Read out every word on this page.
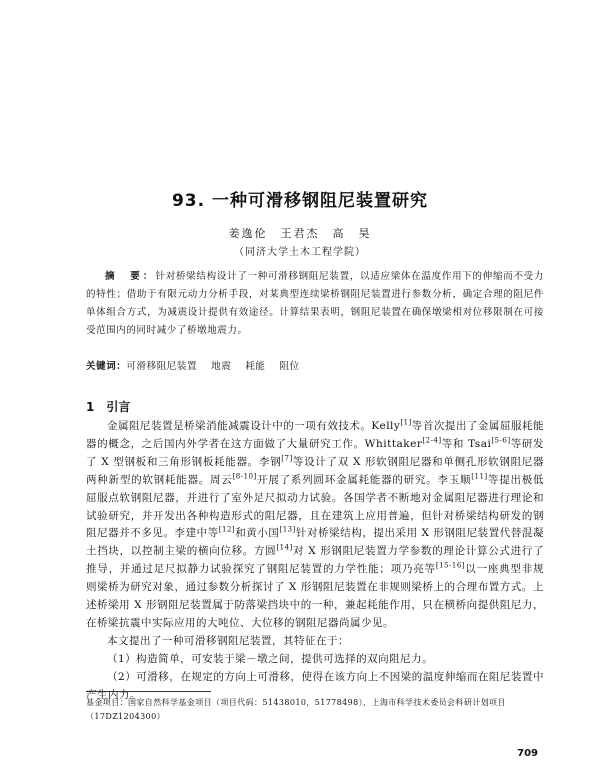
93. 一种可滑移钢阻尼装置研究
姜逸伦　王君杰　高　昊
（同济大学土木工程学院）

摘　要：针对桥梁结构设计了一种可滑移钢阻尼装置，以适应梁体在温度作用下的伸缩而不受力的特性；借助于有限元动力分析手段，对某典型连续梁桥钢阻尼装置进行参数分析，确定合理的阻尼件单体组合方式，为减震设计提供有效途径。计算结果表明，钢阻尼装置在确保墩梁相对位移限制在可接受范围内的同时减少了桥墩地震力。

关键词：可滑移阻尼装置 地震 耗能 阻位

1 引言

金属阻尼装置是桥梁消能减震设计中的一项有效技术。Kelly[1]等首次提出了金属屈服耗能器的概念，之后国内外学者在这方面做了大量研究工作。Whittaker[2-4]等和 Tsai[5-6]等研发了 X 型钢板和三角形钢板耗能器。李钢[7]等设计了双 X 形软钢阻尼器和单侧孔形软钢阻尼器两种新型的软钢耗能器。周云[8-10]开展了系列圆环金属耗能器的研究。李玉顺[11]等提出极低屈服点软钢阻尼器，并进行了室外足尺拟动力试验。各国学者不断地对金属阻尼器进行理论和试验研究，并开发出各种构造形式的阻尼器，且在建筑上应用普遍，但针对桥梁结构研发的钢阻尼器并不多见。李建中等[12]和黄小国[13]针对桥梁结构，提出采用 X 形钢阻尼装置代替混凝土挡块，以控制主梁的横向位移。方圆[14]对 X 形钢阻尼装置力学参数的理论计算公式进行了推导，并通过足尺拟静力试验探究了钢阻尼装置的力学性能；项乃亮等[15-16]以一座典型非规则梁桥为研究对象，通过参数分析探讨了 X 形钢阻尼装置在非规则梁桥上的合理布置方式。上述桥梁用 X 形钢阻尼装置属于防落梁挡块中的一种，兼起耗能作用，只在横桥向提供阻尼力，在桥梁抗震中实际应用的大吨位、大位移的钢阻尼器尚属少见。

本文提出了一种可滑移钢阻尼装置，其特征在于：

（1）构造简单，可安装于梁－墩之间，提供可选择的双向阻尼力。

（2）可滑移，在规定的方向上可滑移，使得在该方向上不因梁的温度伸缩而在阻尼装置中产生内力。

基金项目：国家自然科学基金项目（项目代码：51438010，51778498），上海市科学技术委员会科研计划项目（17DZ1204300）

709
